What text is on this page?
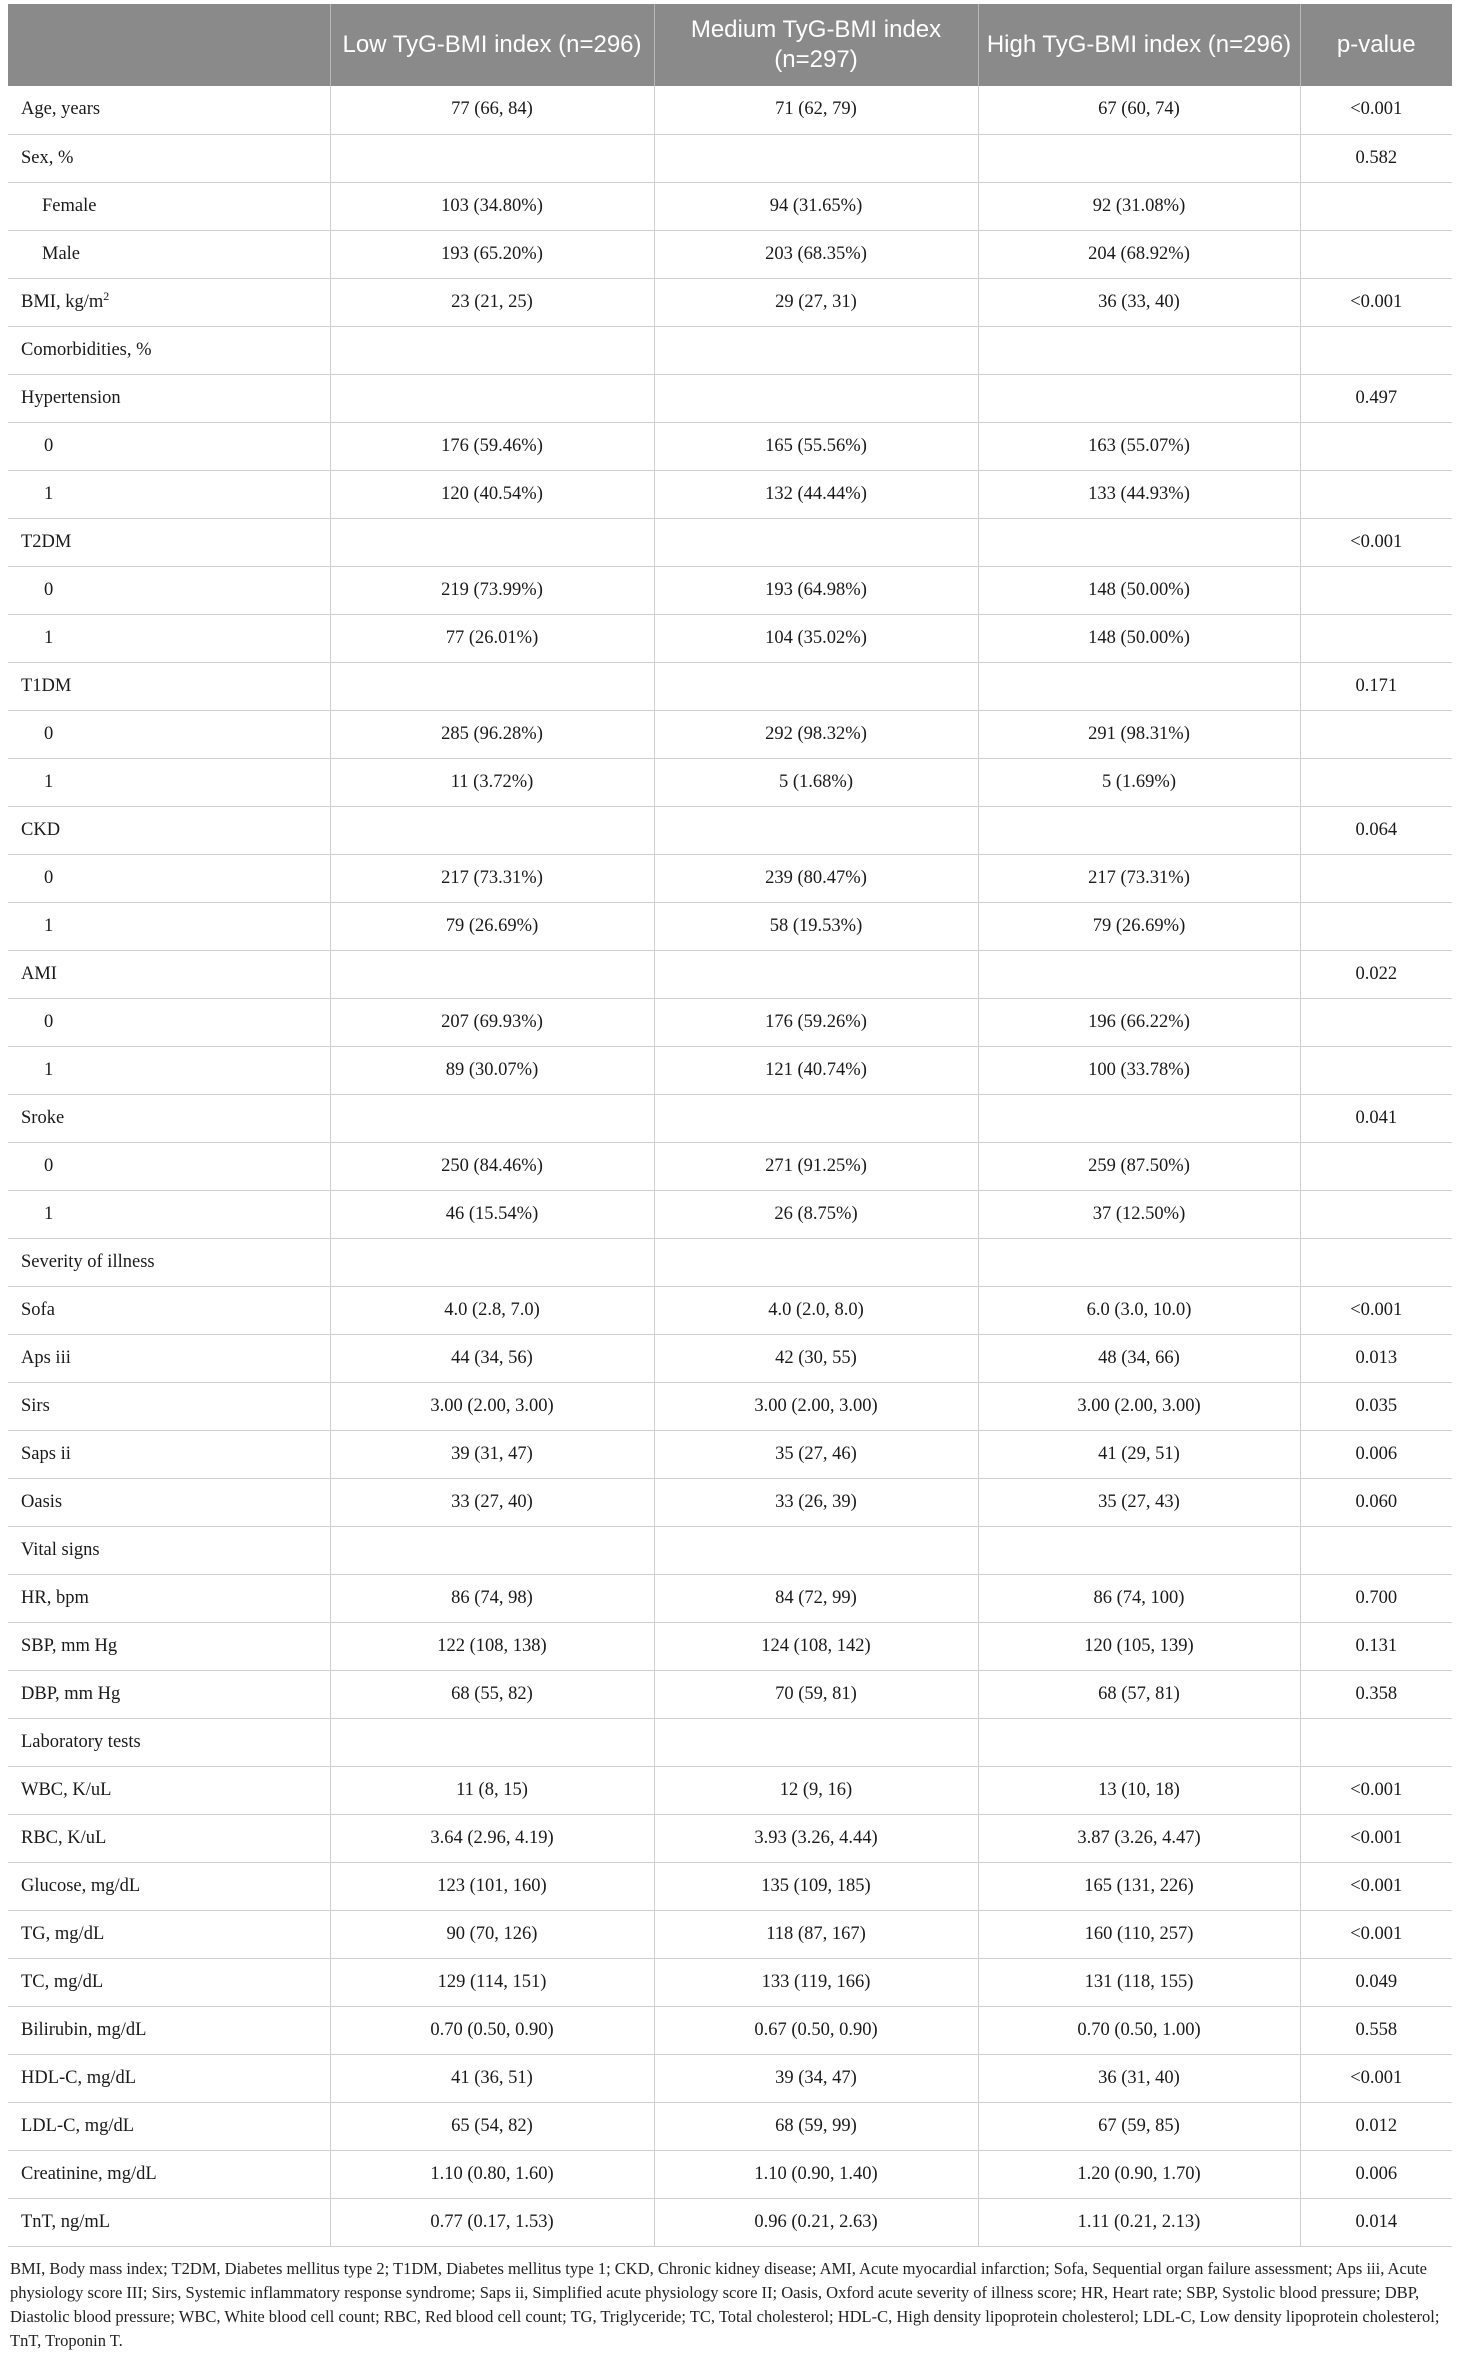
	Low TyG-BMI index (n=296)	Medium TyG-BMI index (n=297)	High TyG-BMI index (n=296)	p-value
Age, years	77 (66, 84)	71 (62, 79)	67 (60, 74)	<0.001
Sex, %				0.582
Female	103 (34.80%)	94 (31.65%)	92 (31.08%)	
Male	193 (65.20%)	203 (68.35%)	204 (68.92%)	
BMI, $kg/m^2$	23 (21, 25)	29 (27, 31)	36 (33, 40)	<0.001
Comorbidities, %				
Hypertension				0.497
0	176 (59.46%)	165 (55.56%)	163 (55.07%)	
1	120 (40.54%)	132 (44.44%)	133 (44.93%)	
T2DM				<0.001
0	219 (73.99%)	193 (64.98%)	148 (50.00%)	
1	77 (26.01%)	104 (35.02%)	148 (50.00%)	
T1DM				0.171
0	285 (96.28%)	292 (98.32%)	291 (98.31%)	
1	11 (3.72%)	5 (1.68%)	5 (1.69%)	
CKD				0.064
0	217 (73.31%)	239 (80.47%)	217 (73.31%)	
1	79 (26.69%)	58 (19.53%)	79 (26.69%)	
AMI				0.022
0	207 (69.93%)	176 (59.26%)	196 (66.22%)	
1	89 (30.07%)	121 (40.74%)	100 (33.78%)	
Sroke				0.041
0	250 (84.46%)	271 (91.25%)	259 (87.50%)	
1	46 (15.54%)	26 (8.75%)	37 (12.50%)	
Severity of illness				
Sofa	4.0 (2.8, 7.0)	4.0 (2.0, 8.0)	6.0 (3.0, 10.0)	<0.001
Aps iii	44 (34, 56)	42 (30, 55)	48 (34, 66)	0.013
Sirs	3.00 (2.00, 3.00)	3.00 (2.00, 3.00)	3.00 (2.00, 3.00)	0.035
Saps ii	39 (31, 47)	35 (27, 46)	41 (29, 51)	0.006
Oasis	33 (27, 40)	33 (26, 39)	35 (27, 43)	0.060
Vital signs				
HR, bpm	86 (74, 98)	84 (72, 99)	86 (74, 100)	0.700
SBP, mm Hg	122 (108, 138)	124 (108, 142)	120 (105, 139)	0.131
DBP, mm Hg	68 (55, 82)	70 (59, 81)	68 (57, 81)	0.358
Laboratory tests				
WBC, K/uL	11 (8, 15)	12 (9, 16)	13 (10, 18)	<0.001
RBC, K/uL	3.64 (2.96, 4.19)	3.93 (3.26, 4.44)	3.87 (3.26, 4.47)	<0.001
Glucose, mg/dL	123 (101, 160)	135 (109, 185)	165 (131, 226)	<0.001
TG, mg/dL	90 (70, 126)	118 (87, 167)	160 (110, 257)	<0.001
TC, mg/dL	129 (114, 151)	133 (119, 166)	131 (118, 155)	0.049
Bilirubin, mg/dL	0.70 (0.50, 0.90)	0.67 (0.50, 0.90)	0.70 (0.50, 1.00)	0.558
HDL-C, mg/dL	41 (36, 51)	39 (34, 47)	36 (31, 40)	<0.001
LDL-C, mg/dL	65 (54, 82)	68 (59, 99)	67 (59, 85)	0.012
Creatinine, mg/dL	1.10 (0.80, 1.60)	1.10 (0.90, 1.40)	1.20 (0.90, 1.70)	0.006
TnT, ng/mL	0.77 (0.17, 1.53)	0.96 (0.21, 2.63)	1.11 (0.21, 2.13)	0.014
BMI, Body mass index; T2DM, Diabetes mellitus type 2; T1DM, Diabetes mellitus type 1; CKD, Chronic kidney disease; AMI, Acute myocardial infarction; Sofa, Sequential organ failure assessment; Aps iii, Acute physiology score III; Sirs, Systemic inflammatory response syndrome; Saps ii, Simplified acute physiology score II; Oasis, Oxford acute severity of illness score; HR, Heart rate; SBP, Systolic blood pressure; DBP, Diastolic blood pressure; WBC, White blood cell count; RBC, Red blood cell count; TG, Triglyceride; TC, Total cholesterol; HDL-C, High density lipoprotein cholesterol; LDL-C, Low density lipoprotein cholesterol; TnT, Troponin T.
